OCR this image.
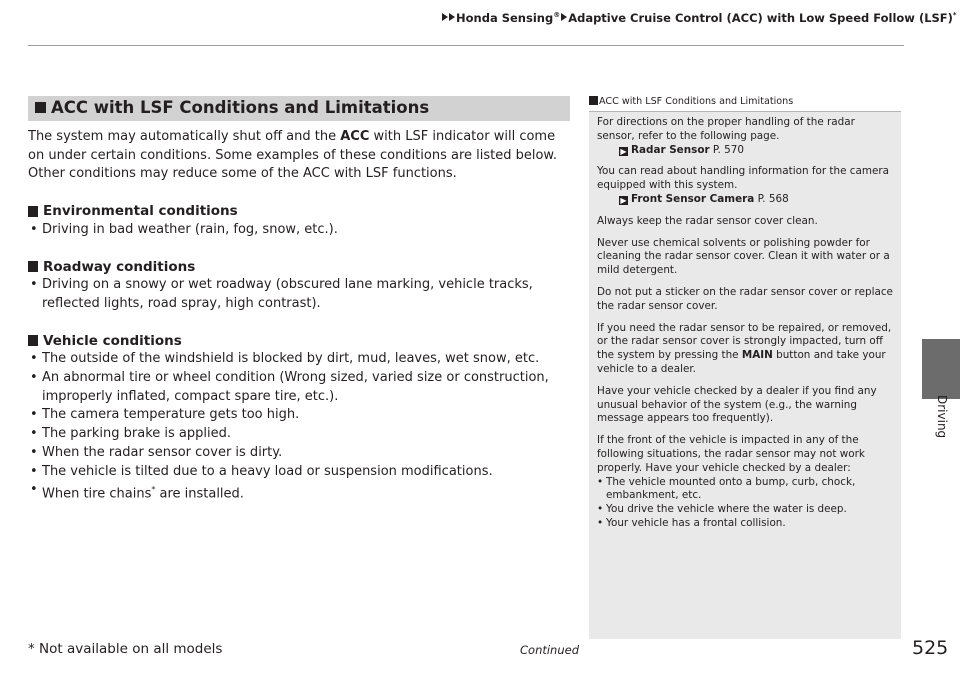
Honda Sensing® Adaptive Cruise Control (ACC) with Low Speed Follow (LSF)*
ACC with LSF Conditions and Limitations

The system may automatically shut off and the ACC with LSF indicator will come on under certain conditions. Some examples of these conditions are listed below. Other conditions may reduce some of the ACC with LSF functions.

Environmental conditions
• Driving in bad weather (rain, fog, snow, etc.).
Roadway conditions
• Driving on a snowy or wet roadway (obscured lane marking, vehicle tracks, reflected lights, road spray, high contrast).
Vehicle conditions
• The outside of the windshield is blocked by dirt, mud, leaves, wet snow, etc.
• An abnormal tire or wheel condition (Wrong sized, varied size or construction, improperly inflated, compact spare tire, etc.).
• The camera temperature gets too high.
• The parking brake is applied.
• When the radar sensor cover is dirty.
• The vehicle is tilted due to a heavy load or suspension modifications.
• When tire chains* are installed.
ACC with LSF Conditions and Limitations
For directions on the proper handling of the radar sensor, refer to the following page.
▶ Radar Sensor P. 570
You can read about handling information for the camera equipped with this system.
▶ Front Sensor Camera P. 568
Always keep the radar sensor cover clean.
Never use chemical solvents or polishing powder for cleaning the radar sensor cover. Clean it with water or a mild detergent.
Do not put a sticker on the radar sensor cover or replace the radar sensor cover.
If you need the radar sensor to be repaired, or removed, or the radar sensor cover is strongly impacted, turn off the system by pressing the MAIN button and take your vehicle to a dealer.
Have your vehicle checked by a dealer if you find any unusual behavior of the system (e.g., the warning message appears too frequently).
If the front of the vehicle is impacted in any of the following situations, the radar sensor may not work properly. Have your vehicle checked by a dealer:
• The vehicle mounted onto a bump, curb, chock, embankment, etc.
• You drive the vehicle where the water is deep.
• Your vehicle has a frontal collision.
Driving
* Not available on all models	Continued	525
